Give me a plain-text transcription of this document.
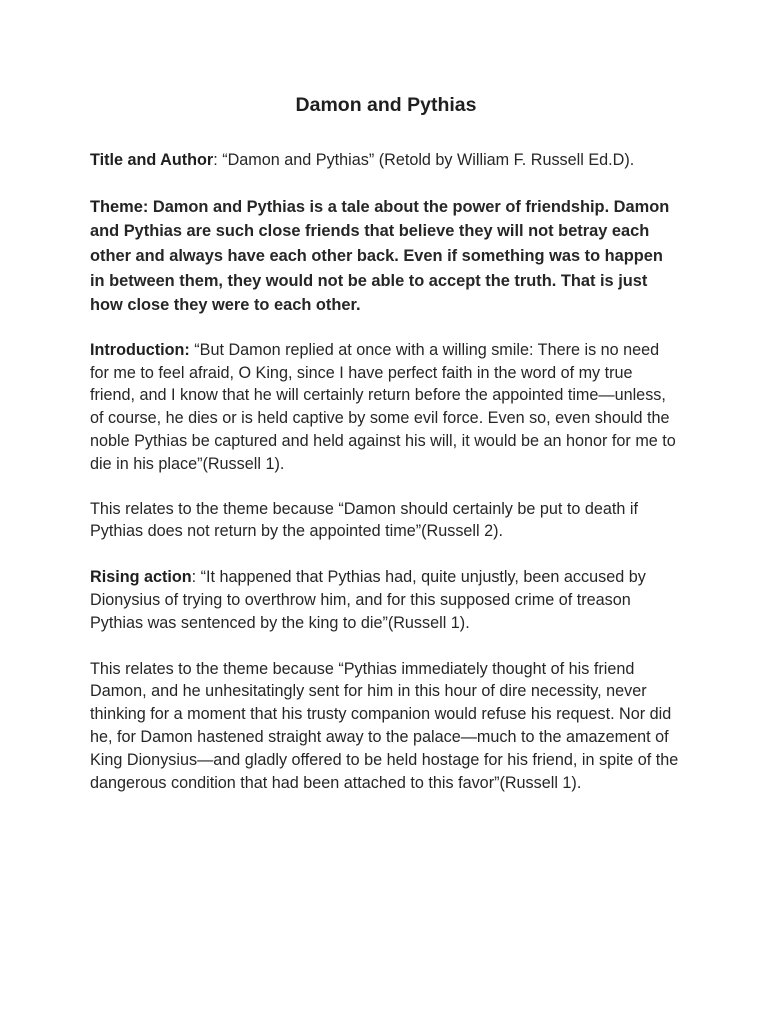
Damon and Pythias

Title and Author: “Damon and Pythias” (Retold by William F. Russell Ed.D).

Theme: Damon and Pythias is a tale about the power of friendship. Damon and Pythias are such close friends that believe they will not betray each other and always have each other back. Even if something was to happen in between them, they would not be able to accept the truth. That is just how close they were to each other.

Introduction: “But Damon replied at once with a willing smile: There is no need for me to feel afraid, O King, since I have perfect faith in the word of my true friend, and I know that he will certainly return before the appointed time—unless, of course, he dies or is held captive by some evil force. Even so, even should the noble Pythias be captured and held against his will, it would be an honor for me to die in his place”(Russell 1).

This relates to the theme because “Damon should certainly be put to death if Pythias does not return by the appointed time”(Russell 2).

Rising action: “It happened that Pythias had, quite unjustly, been accused by Dionysius of trying to overthrow him, and for this supposed crime of treason Pythias was sentenced by the king to die”(Russell 1).

This relates to the theme because “Pythias immediately thought of his friend Damon, and he unhesitatingly sent for him in this hour of dire necessity, never thinking for a moment that his trusty companion would refuse his request. Nor did he, for Damon hastened straight away to the palace—much to the amazement of King Dionysius—and gladly offered to be held hostage for his friend, in spite of the dangerous condition that had been attached to this favor”(Russell 1).
